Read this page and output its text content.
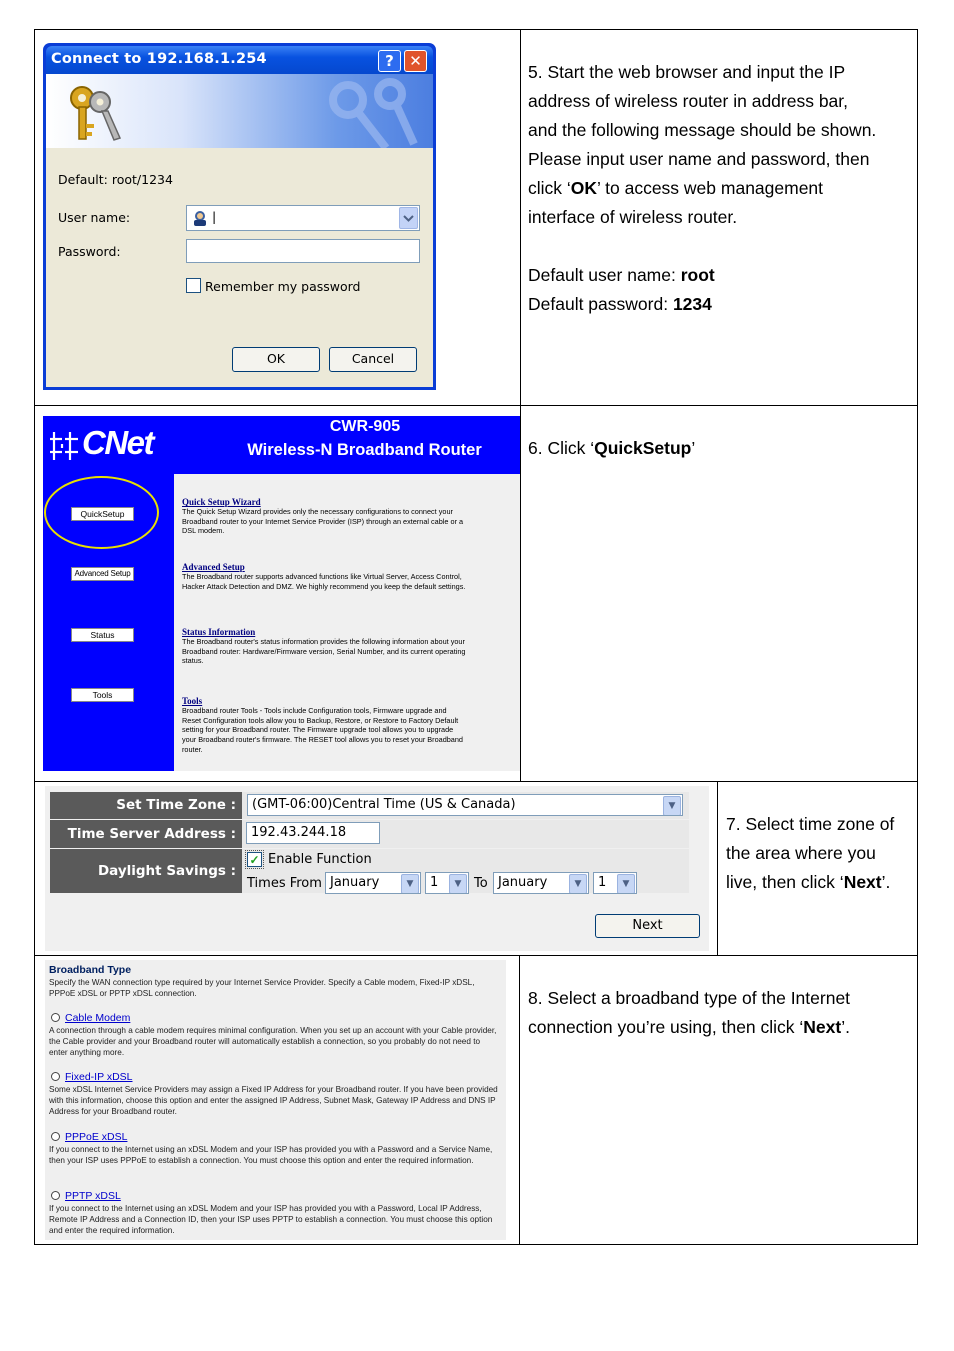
Connect to 192.168.1.254	?	✕
Default: root/1234
User name:	|
Password:
Remember my password
OK	Cancel
5. Start the web browser and input the IP
address of wireless router in address bar,
and the following message should be shown.
Please input user name and password, then
click ‘OK’ to access web management
interface of wireless router.
Default user name: root
Default password: 1234
CNet	CWR-905
Wireless-N Broadband Router
QuickSetup
Advanced Setup
Status
Tools
Quick Setup Wizard
The Quick Setup Wizard provides only the necessary configurations to connect your Broadband router to your Internet Service Provider (ISP) through an external cable or a DSL modem.
Advanced Setup
The Broadband router supports advanced functions like Virtual Server, Access Control, Hacker Attack Detection and DMZ. We highly recommend you keep the default settings.
Status Information
The Broadband router's status information provides the following information about your Broadband router: Hardware/Firmware version, Serial Number, and its current operating status.
Tools
Broadband router Tools - Tools include Configuration tools, Firmware upgrade and Reset Configuration tools allow you to Backup, Restore, or Restore to Factory Default setting for your Broadband router. The Firmware upgrade tool allows you to upgrade your Broadband router's firmware. The RESET tool allows you to reset your Broadband router.
6. Click ‘QuickSetup’
Set Time Zone :	(GMT-06:00)Central Time (US & Canada)	▼
Time Server Address :	192.43.244.18
Daylight Savings :
✓ Enable Function
Times From January	▼	1	▼ To January	▼	1	▼
Next
7. Select time zone of
the area where you
live, then click ‘Next’.
Broadband Type
Specify the WAN connection type required by your Internet Service Provider. Specify a Cable modem, Fixed-IP xDSL, PPPoE xDSL or PPTP xDSL connection.
Cable Modem
A connection through a cable modem requires minimal configuration. When you set up an account with your Cable provider, the Cable provider and your Broadband router will automatically establish a connection, so you probably do not need to enter anything more.
Fixed-IP xDSL
Some xDSL Internet Service Providers may assign a Fixed IP Address for your Broadband router. If you have been provided with this information, choose this option and enter the assigned IP Address, Subnet Mask, Gateway IP Address and DNS IP Address for your Broadband router.
PPPoE xDSL
If you connect to the Internet using an xDSL Modem and your ISP has provided you with a Password and a Service Name, then your ISP uses PPPoE to establish a connection. You must choose this option and enter the required information.
PPTP xDSL
If you connect to the Internet using an xDSL Modem and your ISP has provided you with a Password, Local IP Address, Remote IP Address and a Connection ID, then your ISP uses PPTP to establish a connection. You must choose this option and enter the required information.
8. Select a broadband type of the Internet
connection you’re using, then click ‘Next’.
